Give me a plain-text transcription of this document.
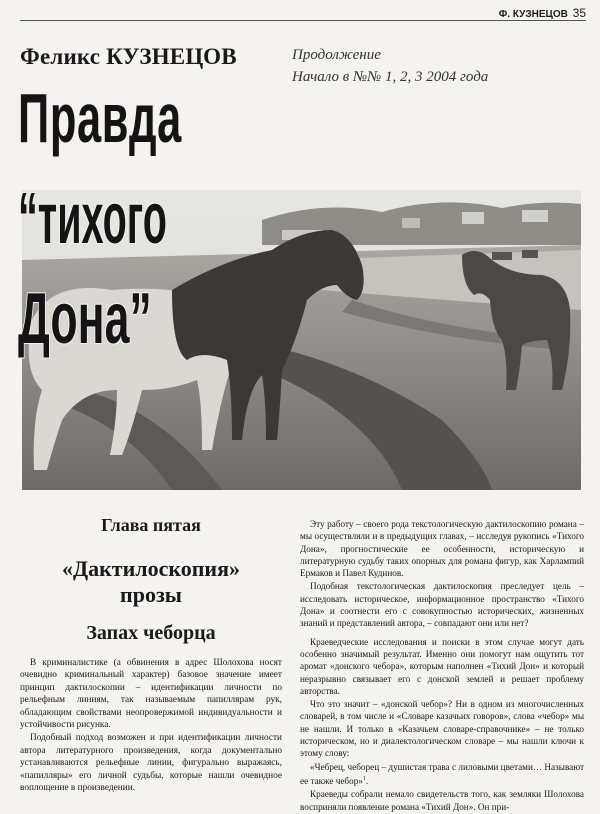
Ф. КУЗНЕЦОВ 35
Феликс КУЗНЕЦОВ	Продолжение
Начало в №№ 1, 2, 3 2004 года
Правда
“тихого
Дона”
Глава пятая
«Дактилоскопия»
прозы
Запах чеборца

В криминалистике (а обвинения в адрес Шолохова носят очевидно криминальный характер) базовое значение имеет принцип дактилоскопии – идентификации личности по рельефным линиям, так называемым папиллярам рук, обладающим свойствами неопровержимой индивидуальности и устойчивости рисунка.

Подобный подход возможен и при идентификации личности автора литературного произведения, когда документально устанавливаются рельефные линии, фигурально выражаясь, «папилляры» его личной судьбы, которые нашли очевидное воплощение в произведении.

Эту работу – своего рода текстологическую дактилоскопию романа – мы осуществляли и в предыдущих главах, – исследуя рукопись «Тихого Дона», прогностические ее особенности, историческую и литературную судьбу таких опорных для романа фигур, как Харлампий Ермаков и Павел Кудинов.

Подобная текстологическая дактилоскопия преследует цель – исследовать историческое, информационное пространство «Тихого Дона» и соотнести его с совокупностью исторических, жизненных знаний и представлений автора, – совпадают они или нет?

Краеведческие исследования и поиски в этом случае могут дать особенно значимый результат. Именно они помогут нам ощутить тот аромат «донского чебора», которым наполнен «Тихий Дон» и который неразрывно связывает его с донской землей и решает проблему авторства.

Что это значит – «донской чебор»? Ни в одном из многочисленных словарей, в том числе и «Словаре казачьих говоров», слова «чебор» мы не нашли. И только в «Казачьем словаре-справочнике» – не только историческом, но и диалектологическом словаре – мы нашли ключи к этому слову:

«Чебрец, чеборец – душистая трава с лиловыми цветами… Называют ее также чебор»$^1$.

Краеведы собрали немало свидетельств того, как земляки Шолохова восприняли появление романа «Тихий Дон». Он при-
